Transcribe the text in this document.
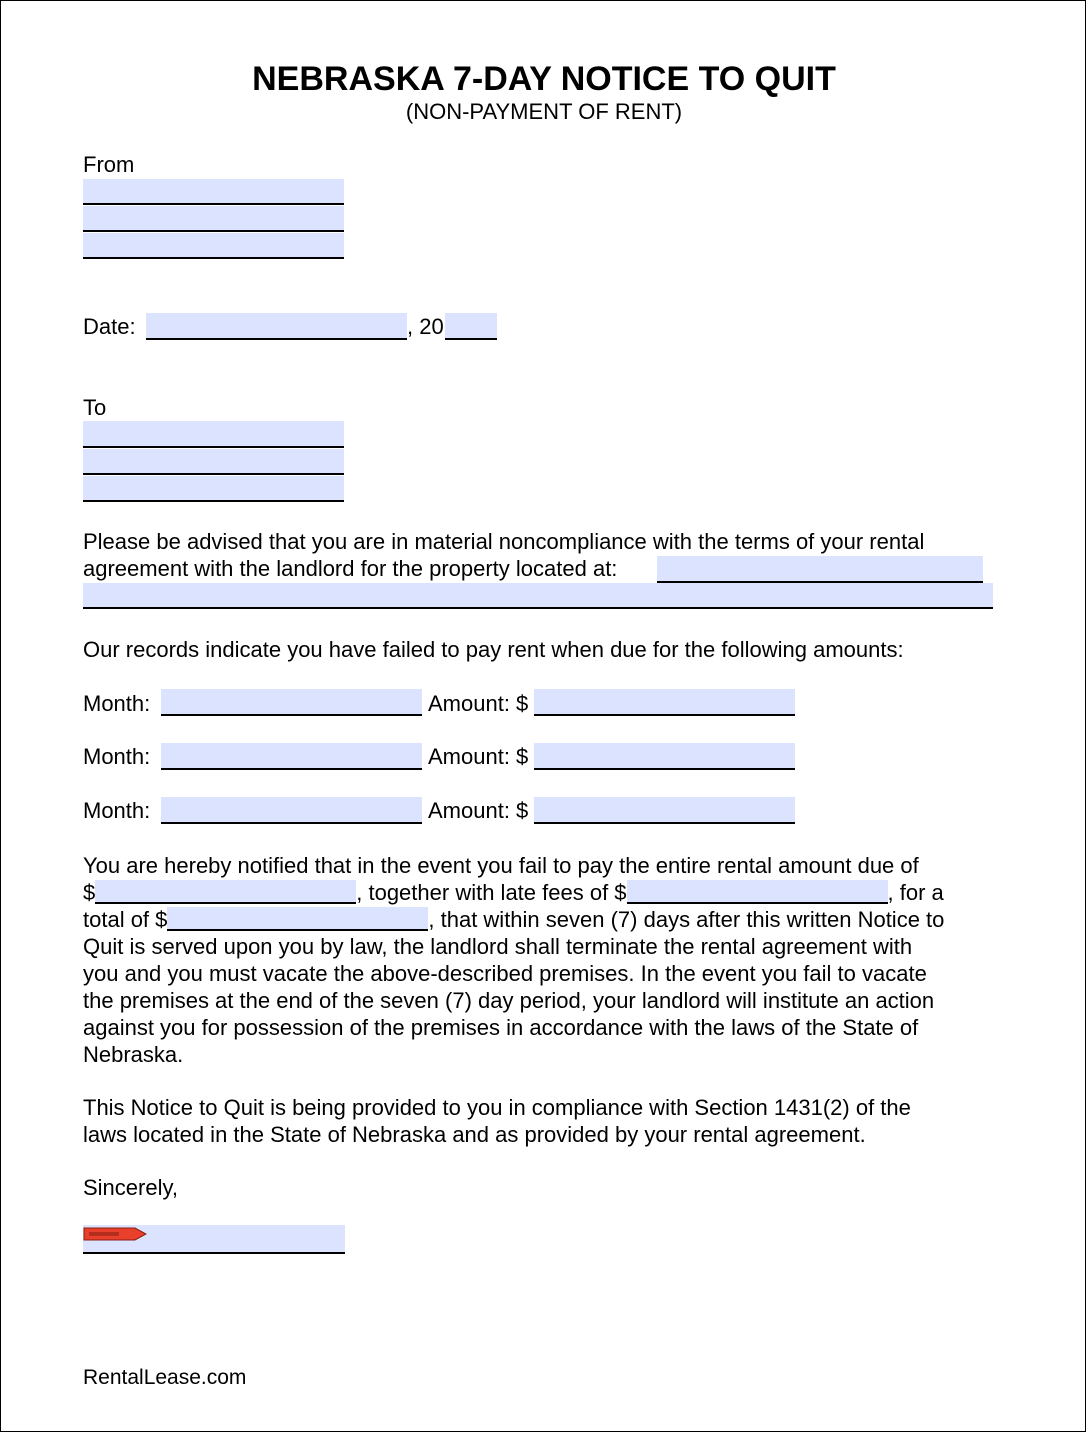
NEBRASKA 7-DAY NOTICE TO QUIT
(NON-PAYMENT OF RENT)
From
Date:	, 20
To
Please be advised that you are in material noncompliance with the terms of your rental
agreement with the landlord for the property located at:
Our records indicate you have failed to pay rent when due for the following amounts:
Month:	Amount: $
Month:	Amount: $
Month:	Amount: $
You are hereby notified that in the event you fail to pay the entire rental amount due of
$	, together with late fees of $	, for a
total of $	, that within seven (7) days after this written Notice to
Quit is served upon you by law, the landlord shall terminate the rental agreement with
you and you must vacate the above-described premises. In the event you fail to vacate
the premises at the end of the seven (7) day period, your landlord will institute an action
against you for possession of the premises in accordance with the laws of the State of
Nebraska.
This Notice to Quit is being provided to you in compliance with Section 1431(2) of the
laws located in the State of Nebraska and as provided by your rental agreement.
Sincerely,
RentalLease.com
